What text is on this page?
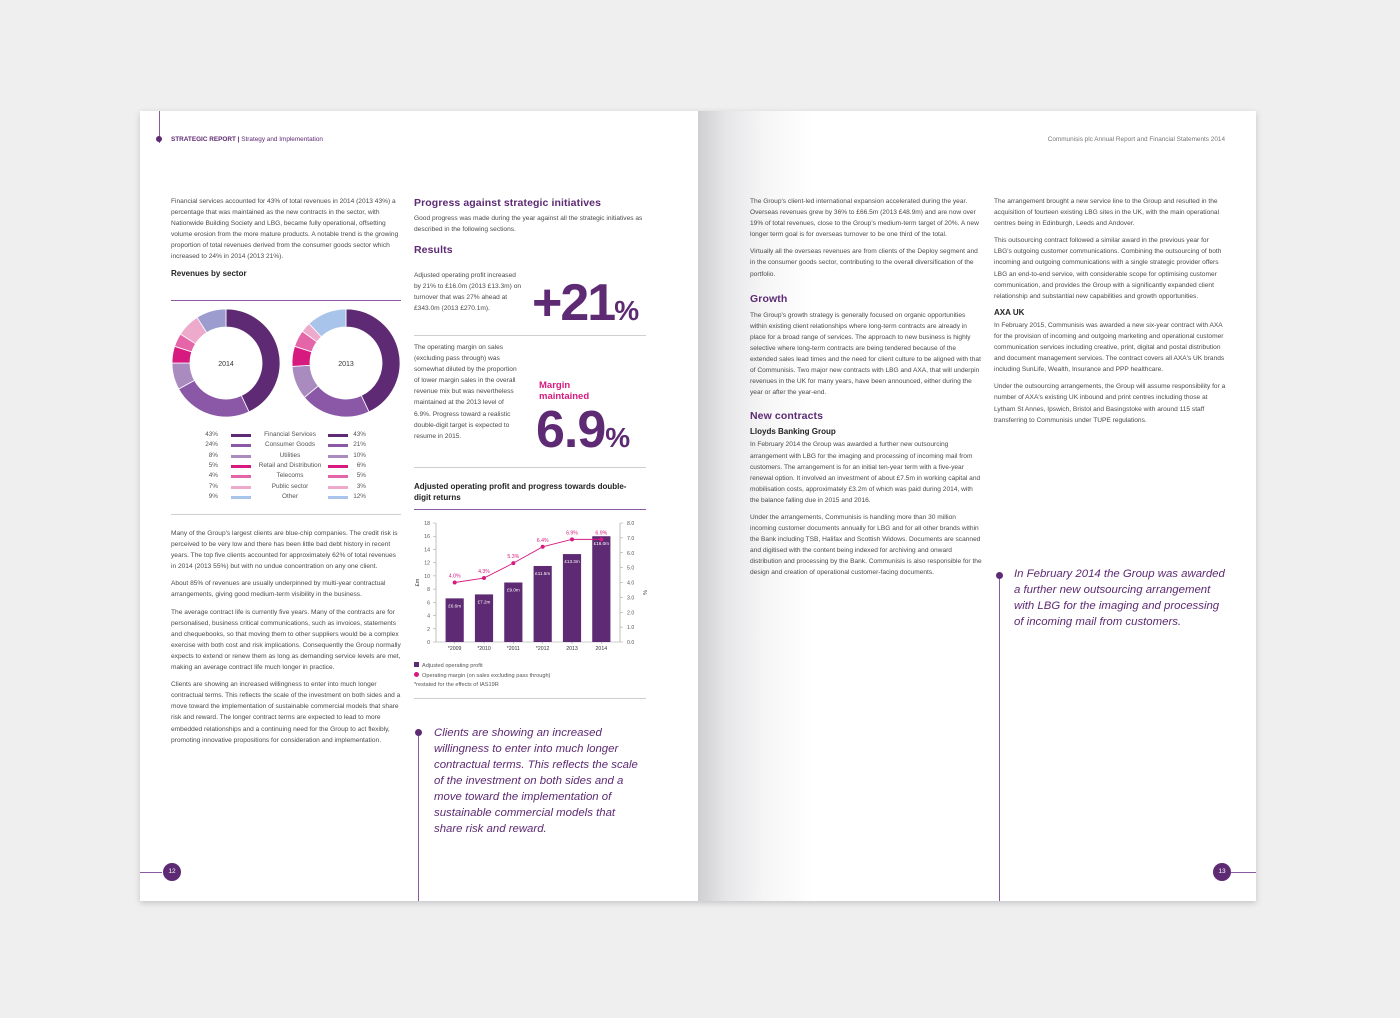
STRATEGIC REPORT | Strategy and Implementation

Financial services accounted for 43% of total revenues in 2014 (2013 43%) a percentage that was maintained as the new contracts in the sector, with Nationwide Building Society and LBG, became fully operational, offsetting volume erosion from the more mature products. A notable trend is the growing proportion of total revenues derived from the consumer goods sector which increased to 24% in 2014 (2013 21%).

Revenues by sector
2014	2013
43%	Financial Services	43%
24%	Consumer Goods	21%
8%	Utilities	10%
5%	Retail and Distribution	6%
4%	Telecoms	5%
7%	Public sector	3%
9%	Other	12%

Many of the Group's largest clients are blue-chip companies. The credit risk is perceived to be very low and there has been little bad debt history in recent years. The top five clients accounted for approximately 62% of total revenues in 2014 (2013 55%) but with no undue concentration on any one client.

About 85% of revenues are usually underpinned by multi-year contractual arrangements, giving good medium-term visibility in the business.

The average contract life is currently five years. Many of the contracts are for personalised, business critical communications, such as invoices, statements and chequebooks, so that moving them to other suppliers would be a complex exercise with both cost and risk implications. Consequently the Group normally expects to extend or renew them as long as demanding service levels are met, making an average contract life much longer in practice.

Clients are showing an increased willingness to enter into much longer contractual terms. This reflects the scale of the investment on both sides and a move toward the implementation of sustainable commercial models that share risk and reward. The longer contract terms are expected to lead to more embedded relationships and a continuing need for the Group to act flexibly, promoting innovative propositions for consideration and implementation.

Progress against strategic initiatives

Good progress was made during the year against all the strategic initiatives as described in the following sections.

Results

Adjusted operating profit increased by 21% to £16.0m (2013 £13.3m) on turnover that was 27% ahead at £343.0m (2013 £270.1m). +21%

The operating margin on sales (excluding pass through) was somewhat diluted by the proportion of lower margin sales in the overall revenue mix but was nevertheless maintained at the 2013 level of 6.9%. Progress toward a realistic double-digit target is expected to resume in 2015.

Margin maintained
6.9%
Adjusted operating profit and progress towards double-digit returns
0
2
4
6
8
10
12
14
16
18
0.0
1.0
2.0
3.0
4.0
5.0
6.0
7.0
8.0
£m
%
£6.6m
*2009
£7.2m
*2010
£9.0m
*2011
£11.5m
*2012
£13.3m
2013
£16.0m
2014
4.0%
4.3%
5.3%
6.4%
6.9%	6.9%
Adjusted operating profit
Operating margin (on sales excluding pass through)
*restated for the effects of IAS19R
Clients are showing an increased willingness to enter into much longer contractual terms. This reflects the scale of the investment on both sides and a move toward the implementation of sustainable commercial models that share risk and reward.
12
Communisis plc Annual Report and Financial Statements 2014

The Group's client-led international expansion accelerated during the year. Overseas revenues grew by 36% to £66.5m (2013 £48.9m) and are now over 19% of total revenues, close to the Group's medium-term target of 20%. A new longer term goal is for overseas turnover to be one third of the total.

Virtually all the overseas revenues are from clients of the Deploy segment and in the consumer goods sector, contributing to the overall diversification of the portfolio.

Growth

The Group's growth strategy is generally focused on organic opportunities within existing client relationships where long-term contracts are already in place for a broad range of services. The approach to new business is highly selective where long-term contracts are being tendered because of the extended sales lead times and the need for client culture to be aligned with that of Communisis. Two major new contracts with LBG and AXA, that will underpin revenues in the UK for many years, have been announced, either during the year or after the year-end.

New contracts
Lloyds Banking Group

In February 2014 the Group was awarded a further new outsourcing arrangement with LBG for the imaging and processing of incoming mail from customers. The arrangement is for an initial ten-year term with a five-year renewal option. It involved an investment of about £7.5m in working capital and mobilisation costs, approximately £3.2m of which was paid during 2014, with the balance falling due in 2015 and 2016.

Under the arrangements, Communisis is handling more than 30 million incoming customer documents annually for LBG and for all other brands within the Bank including TSB, Halifax and Scottish Widows. Documents are scanned and digitised with the content being indexed for archiving and onward distribution and processing by the Bank. Communisis is also responsible for the design and creation of operational customer-facing documents.

The arrangement brought a new service line to the Group and resulted in the acquisition of fourteen existing LBG sites in the UK, with the main operational centres being in Edinburgh, Leeds and Andover.

This outsourcing contract followed a similar award in the previous year for LBG's outgoing customer communications. Combining the outsourcing of both incoming and outgoing communications with a single strategic provider offers LBG an end-to-end service, with considerable scope for optimising customer communication, and provides the Group with a significantly expanded client relationship and substantial new capabilities and growth opportunities.

AXA UK

In February 2015, Communisis was awarded a new six-year contract with AXA for the provision of incoming and outgoing marketing and operational customer communication services including creative, print, digital and postal distribution and document management services. The contract covers all AXA's UK brands including SunLife, Wealth, Insurance and PPP healthcare.

Under the outsourcing arrangements, the Group will assume responsibility for a number of AXA's existing UK inbound and print centres including those at Lytham St Annes, Ipswich, Bristol and Basingstoke with around 115 staff transferring to Communisis under TUPE regulations.

In February 2014 the Group was awarded a further new outsourcing arrangement with LBG for the imaging and processing of incoming mail from customers.
13
